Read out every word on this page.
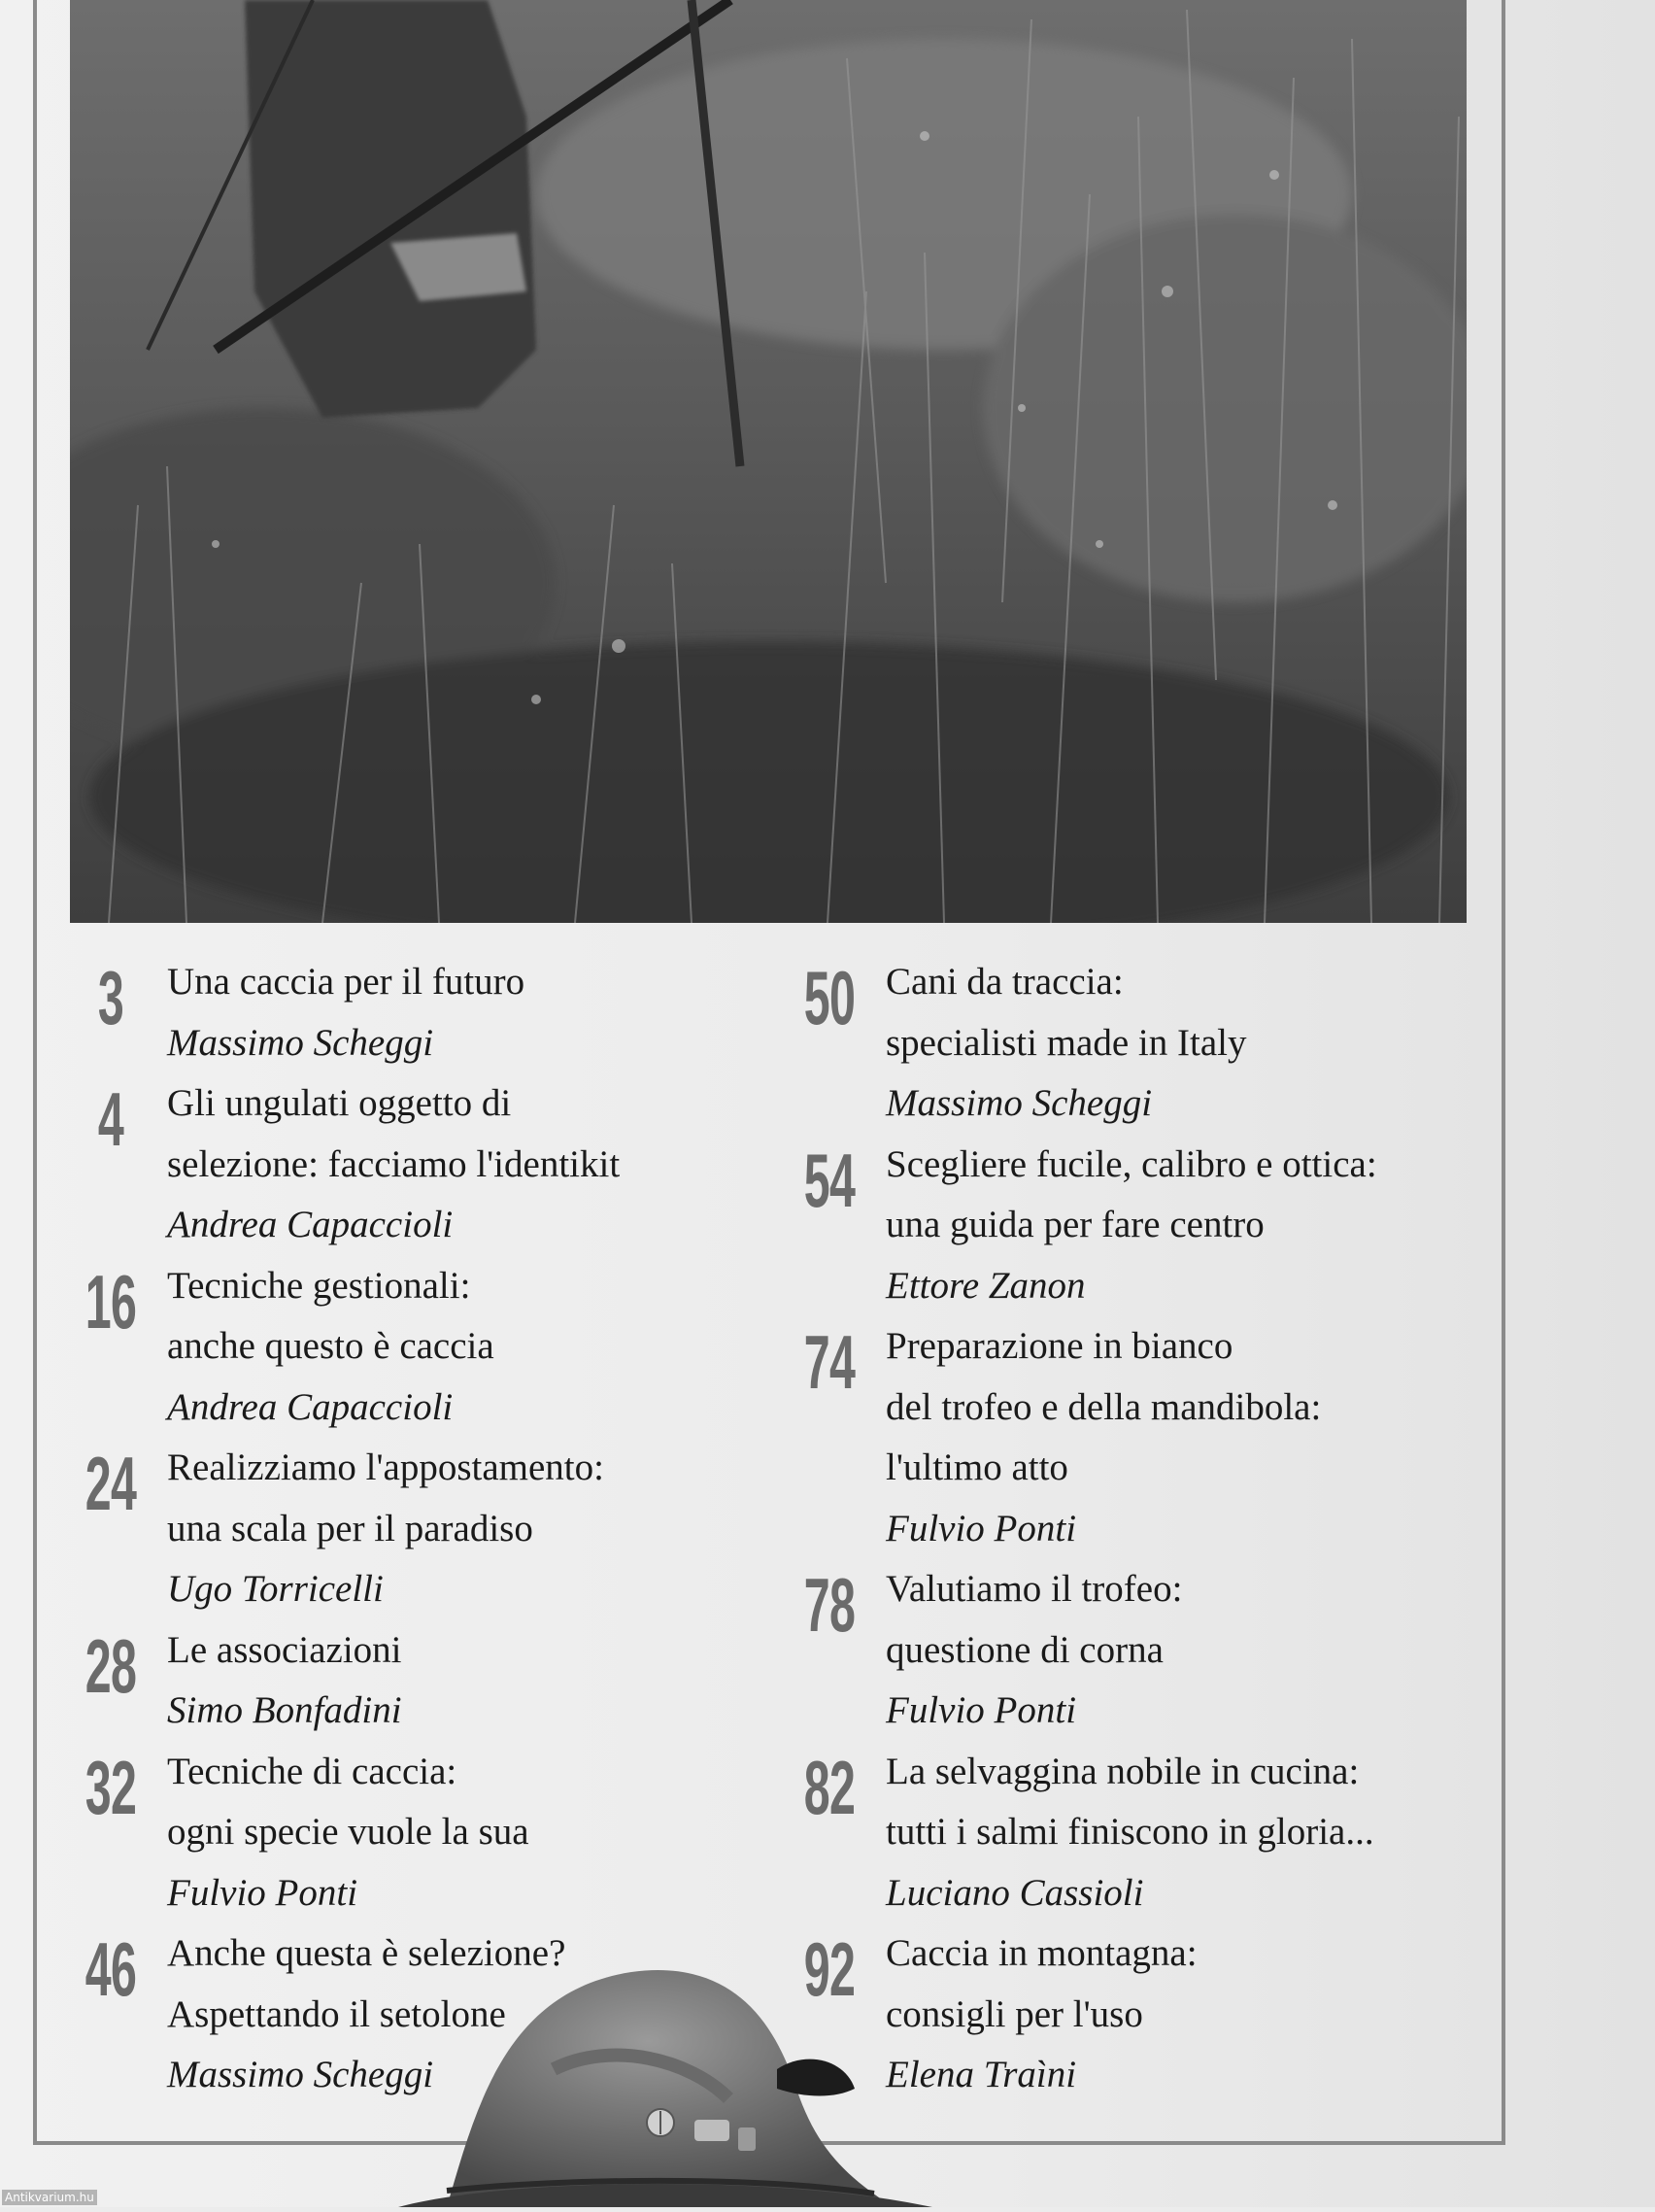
3	Una caccia per il futuro
Massimo Scheggi
4	Gli ungulati oggetto di
selezione: facciamo l'identikit
Andrea Capaccioli
16 Tecniche gestionali:
anche questo è caccia
Andrea Capaccioli
24 Realizziamo l'appostamento:
una scala per il paradiso
Ugo Torricelli
28 Le associazioni
Simo Bonfadini
32 Tecniche di caccia:
ogni specie vuole la sua
Fulvio Ponti
46 Anche questa è selezione?
Aspettando il setolone
Massimo Scheggi
50 Cani da traccia:
specialisti made in Italy
Massimo Scheggi
54 Scegliere fucile, calibro e ottica:
una guida per fare centro
Ettore Zanon
74 Preparazione in bianco
del trofeo e della mandibola:
l'ultimo atto
Fulvio Ponti
78 Valutiamo il trofeo:
questione di corna
Fulvio Ponti
82 La selvaggina nobile in cucina:
tutti i salmi finiscono in gloria...
Luciano Cassioli
92 Caccia in montagna:
consigli per l'uso
Elena Traìni
Antikvarium.hu
